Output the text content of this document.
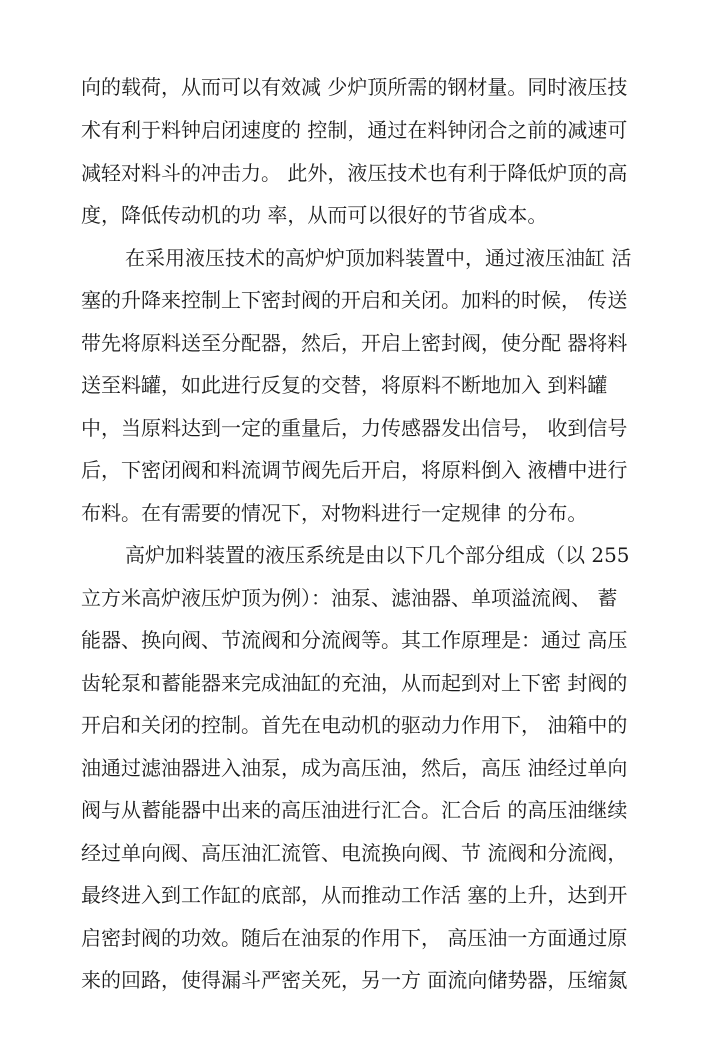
向的载荷，从而可以有效减 少炉顶所需的钢材量。同时液压技
术有利于料钟启闭速度的 控制，通过在料钟闭合之前的减速可
减轻对料斗的冲击力。 此外，液压技术也有利于降低炉顶的高
度，降低传动机的功 率，从而可以很好的节省成本。
在采用液压技术的高炉炉顶加料装置中，通过液压油缸 活
塞的升降来控制上下密封阀的开启和关闭。加料的时候， 传送
带先将原料送至分配器，然后，开启上密封阀，使分配 器将料
送至料罐，如此进行反复的交替，将原料不断地加入 到料罐
中，当原料达到一定的重量后，力传感器发出信号， 收到信号
后，下密闭阀和料流调节阀先后开启，将原料倒入 液槽中进行
布料。在有需要的情况下，对物料进行一定规律 的分布。
高炉加料装置的液压系统是由以下几个部分组成（以 255
立方米高炉液压炉顶为例）：油泵、滤油器、单项溢流阀、 蓄
能器、换向阀、节流阀和分流阀等。其工作原理是：通过 高压
齿轮泵和蓄能器来完成油缸的充油，从而起到对上下密 封阀的
开启和关闭的控制。首先在电动机的驱动力作用下， 油箱中的
油通过滤油器进入油泵，成为高压油，然后，高压 油经过单向
阀与从蓄能器中出来的高压油进行汇合。汇合后 的高压油继续
经过单向阀、高压油汇流管、电流换向阀、节 流阀和分流阀，
最终进入到工作缸的底部，从而推动工作活 塞的上升，达到开
启密封阀的功效。随后在油泵的作用下， 高压油一方面通过原
来的回路，使得漏斗严密关死，另一方 面流向储势器，压缩氮
